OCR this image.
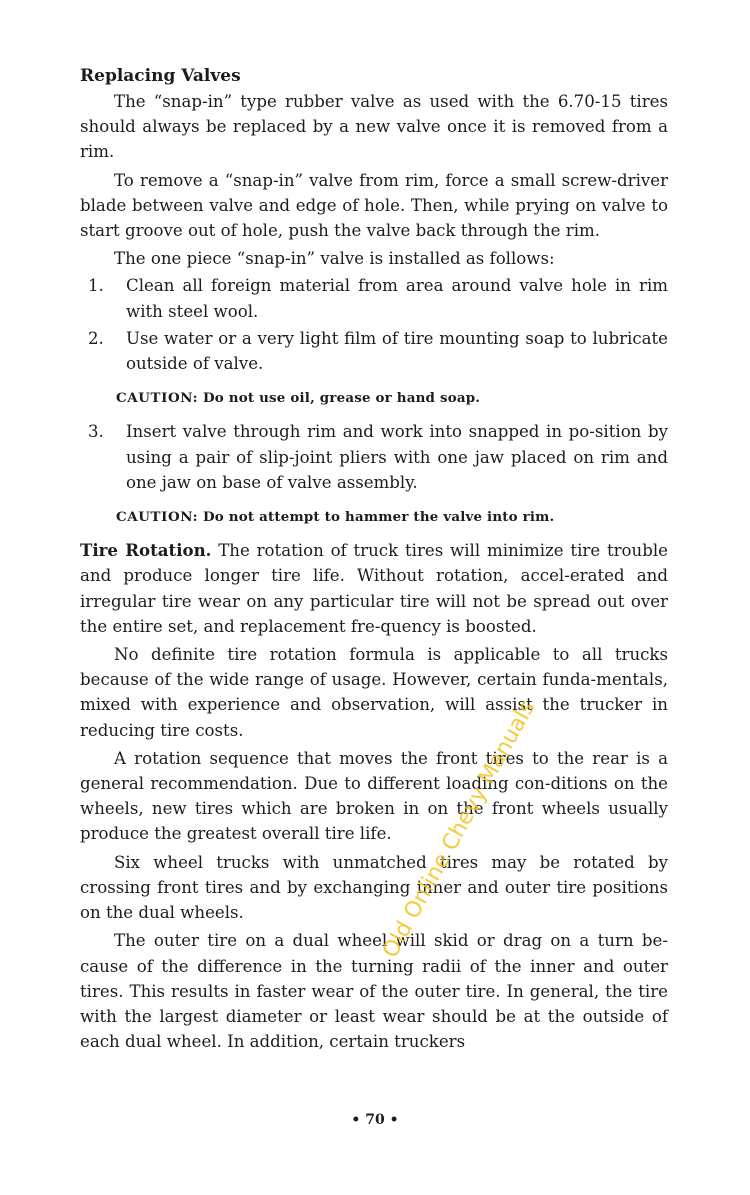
Replacing Valves

The “snap-in” type rubber valve as used with the 6.70-15 tires should always be replaced by a new valve once it is removed from a rim.

To remove a “snap-in” valve from rim, force a small screw-driver blade between valve and edge of hole. Then, while prying on valve to start groove out of hole, push the valve back through the rim.

The one piece “snap-in” valve is installed as follows:

1. Clean all foreign material from area around valve hole in rim with steel wool.
2. Use water or a very light film of tire mounting soap to lubricate outside of valve.
CAUTION: Do not use oil, grease or hand soap.
3. Insert valve through rim and work into snapped in po-sition by using a pair of slip-joint pliers with one jaw placed on rim and one jaw on base of valve assembly.
CAUTION: Do not attempt to hammer the valve into rim.

Tire Rotation. The rotation of truck tires will minimize tire trouble and produce longer tire life. Without rotation, accel-erated and irregular tire wear on any particular tire will not be spread out over the entire set, and replacement fre-quency is boosted.

No definite tire rotation formula is applicable to all trucks because of the wide range of usage. However, certain funda-mentals, mixed with experience and observation, will assist the trucker in reducing tire costs.

A rotation sequence that moves the front tires to the rear is a general recommendation. Due to different loading con-ditions on the wheels, new tires which are broken in on the front wheels usually produce the greatest overall tire life.

Six wheel trucks with unmatched tires may be rotated by crossing front tires and by exchanging inner and outer tire positions on the dual wheels.

The outer tire on a dual wheel will skid or drag on a turn be-cause of the difference in the turning radii of the inner and outer tires. This results in faster wear of the outer tire. In general, the tire with the largest diameter or least wear should be at the outside of each dual wheel. In addition, certain truckers

Old Online Chevy Manuals
• 70 •
